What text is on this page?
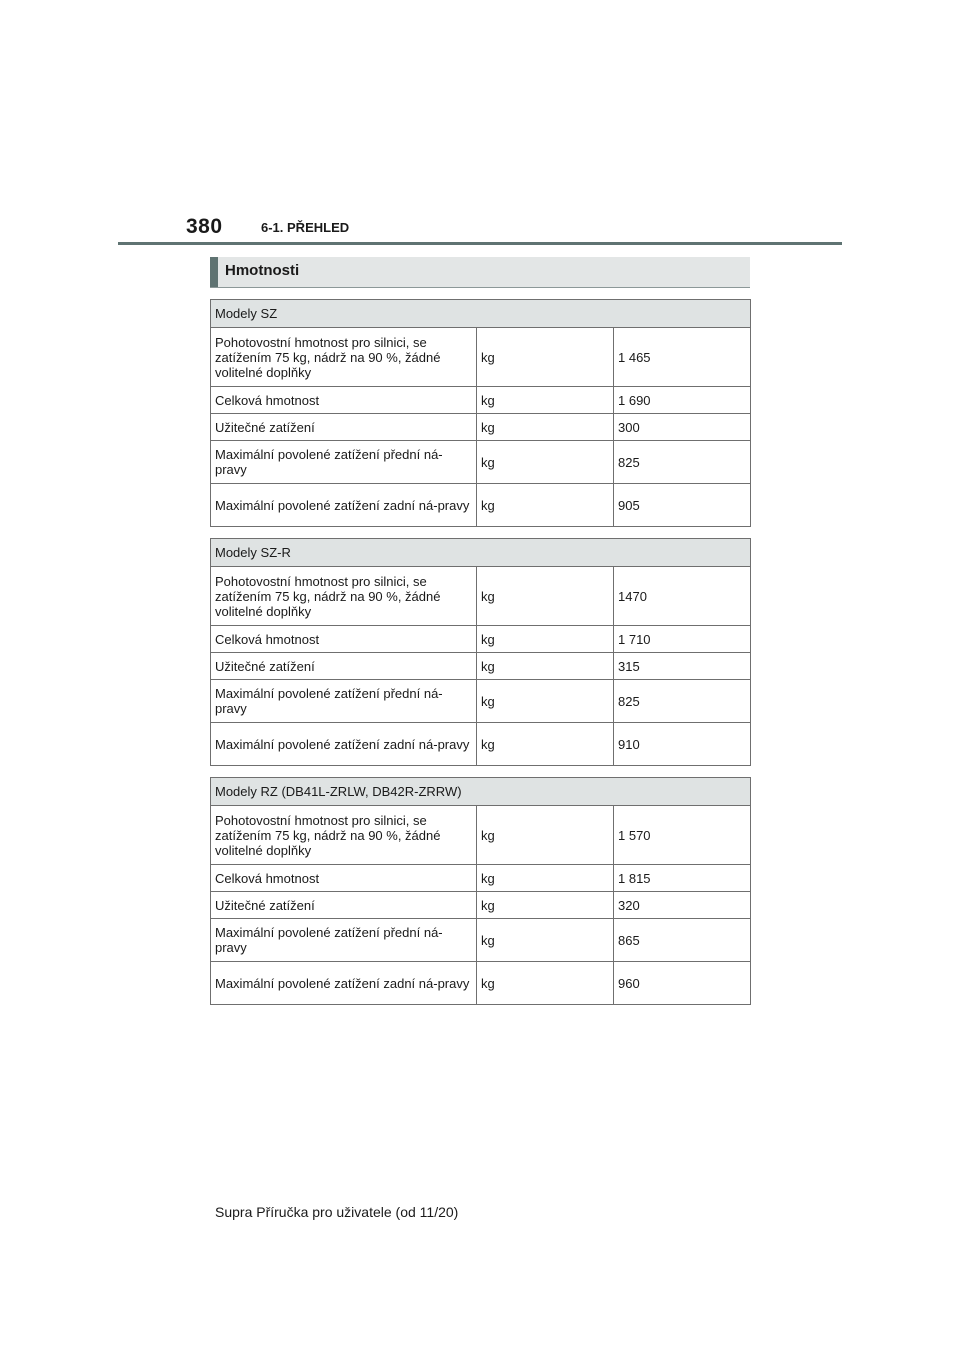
380	6-1. PŘEHLED
Hmotnosti
Modely SZ		
Pohotovostní hmotnost pro silnici, se zatížením 75 kg, nádrž na 90 %, žádné volitelné doplňky	kg	1 465
Celková hmotnost	kg	1 690
Užitečné zatížení	kg	300
Maximální povolené zatížení přední ná-pravy	kg	825
Maximální povolené zatížení zadní ná-pravy	kg	905
Modely SZ-R		
Pohotovostní hmotnost pro silnici, se zatížením 75 kg, nádrž na 90 %, žádné volitelné doplňky	kg	1470
Celková hmotnost	kg	1 710
Užitečné zatížení	kg	315
Maximální povolené zatížení přední ná-pravy	kg	825
Maximální povolené zatížení zadní ná-pravy	kg	910
Modely RZ (DB41L-ZRLW, DB42R-ZRRW)		
Pohotovostní hmotnost pro silnici, se zatížením 75 kg, nádrž na 90 %, žádné volitelné doplňky	kg	1 570
Celková hmotnost	kg	1 815
Užitečné zatížení	kg	320
Maximální povolené zatížení přední ná-pravy	kg	865
Maximální povolené zatížení zadní ná-pravy	kg	960
Supra Příručka pro uživatele (od 11/20)
